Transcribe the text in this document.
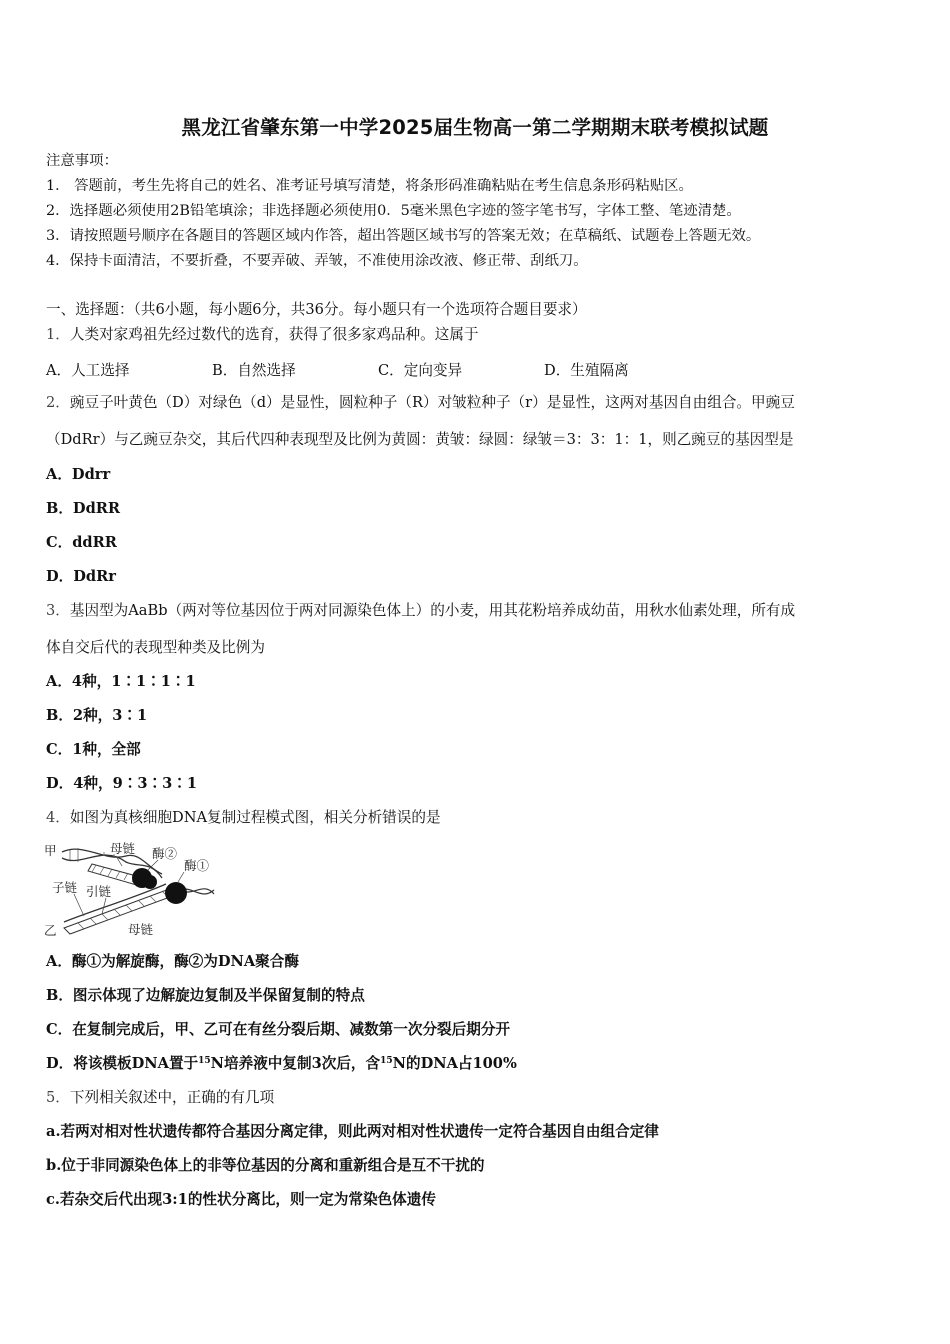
黑龙江省肇东第一中学2025届生物高一第二学期期末联考模拟试题
注意事项：
1． 答题前，考生先将自己的姓名、准考证号填写清楚，将条形码准确粘贴在考生信息条形码粘贴区。
2．选择题必须使用2B铅笔填涂；非选择题必须使用0．5毫米黑色字迹的签字笔书写，字体工整、笔迹清楚。
3．请按照题号顺序在各题目的答题区域内作答，超出答题区域书写的答案无效；在草稿纸、试题卷上答题无效。
4．保持卡面清洁，不要折叠，不要弄破、弄皱，不准使用涂改液、修正带、刮纸刀。
一、选择题：（共6小题，每小题6分，共36分。每小题只有一个选项符合题目要求）
1．人类对家鸡祖先经过数代的选育，获得了很多家鸡品种。这属于
A．人工选择	B．自然选择	C．定向变异	D．生殖隔离
2．豌豆子叶黄色（D）对绿色（d）是显性，圆粒种子（R）对皱粒种子（r）是显性，这两对基因自由组合。甲豌豆
（DdRr）与乙豌豆杂交，其后代四种表现型及比例为黄圆：黄皱：绿圆：绿皱＝3：3：1：1，则乙豌豆的基因型是
A．Ddrr
B．DdRR
C．ddRR
D．DdRr
3．基因型为AaBb（两对等位基因位于两对同源染色体上）的小麦，用其花粉培养成幼苗，用秋水仙素处理，所有成
体自交后代的表现型种类及比例为
A．4种，1∶1∶1∶1
B．2种，3∶1
C．1种，全部
D．4种，9∶3∶3∶1
4．如图为真核细胞DNA复制过程模式图，相关分析错误的是
甲	母链 酶②
酶①
子链 引链
乙	母链
A．酶①为解旋酶，酶②为DNA聚合酶
B．图示体现了边解旋边复制及半保留复制的特点
C．在复制完成后，甲、乙可在有丝分裂后期、减数第一次分裂后期分开
D．将该模板DNA置于$^{15}$N培养液中复制3次后，含$^{15}$N的DNA占100%
5．下列相关叙述中，正确的有几项
a.若两对相对性状遗传都符合基因分离定律，则此两对相对性状遗传一定符合基因自由组合定律
b.位于非同源染色体上的非等位基因的分离和重新组合是互不干扰的
c.若杂交后代出现3:1的性状分离比，则一定为常染色体遗传
